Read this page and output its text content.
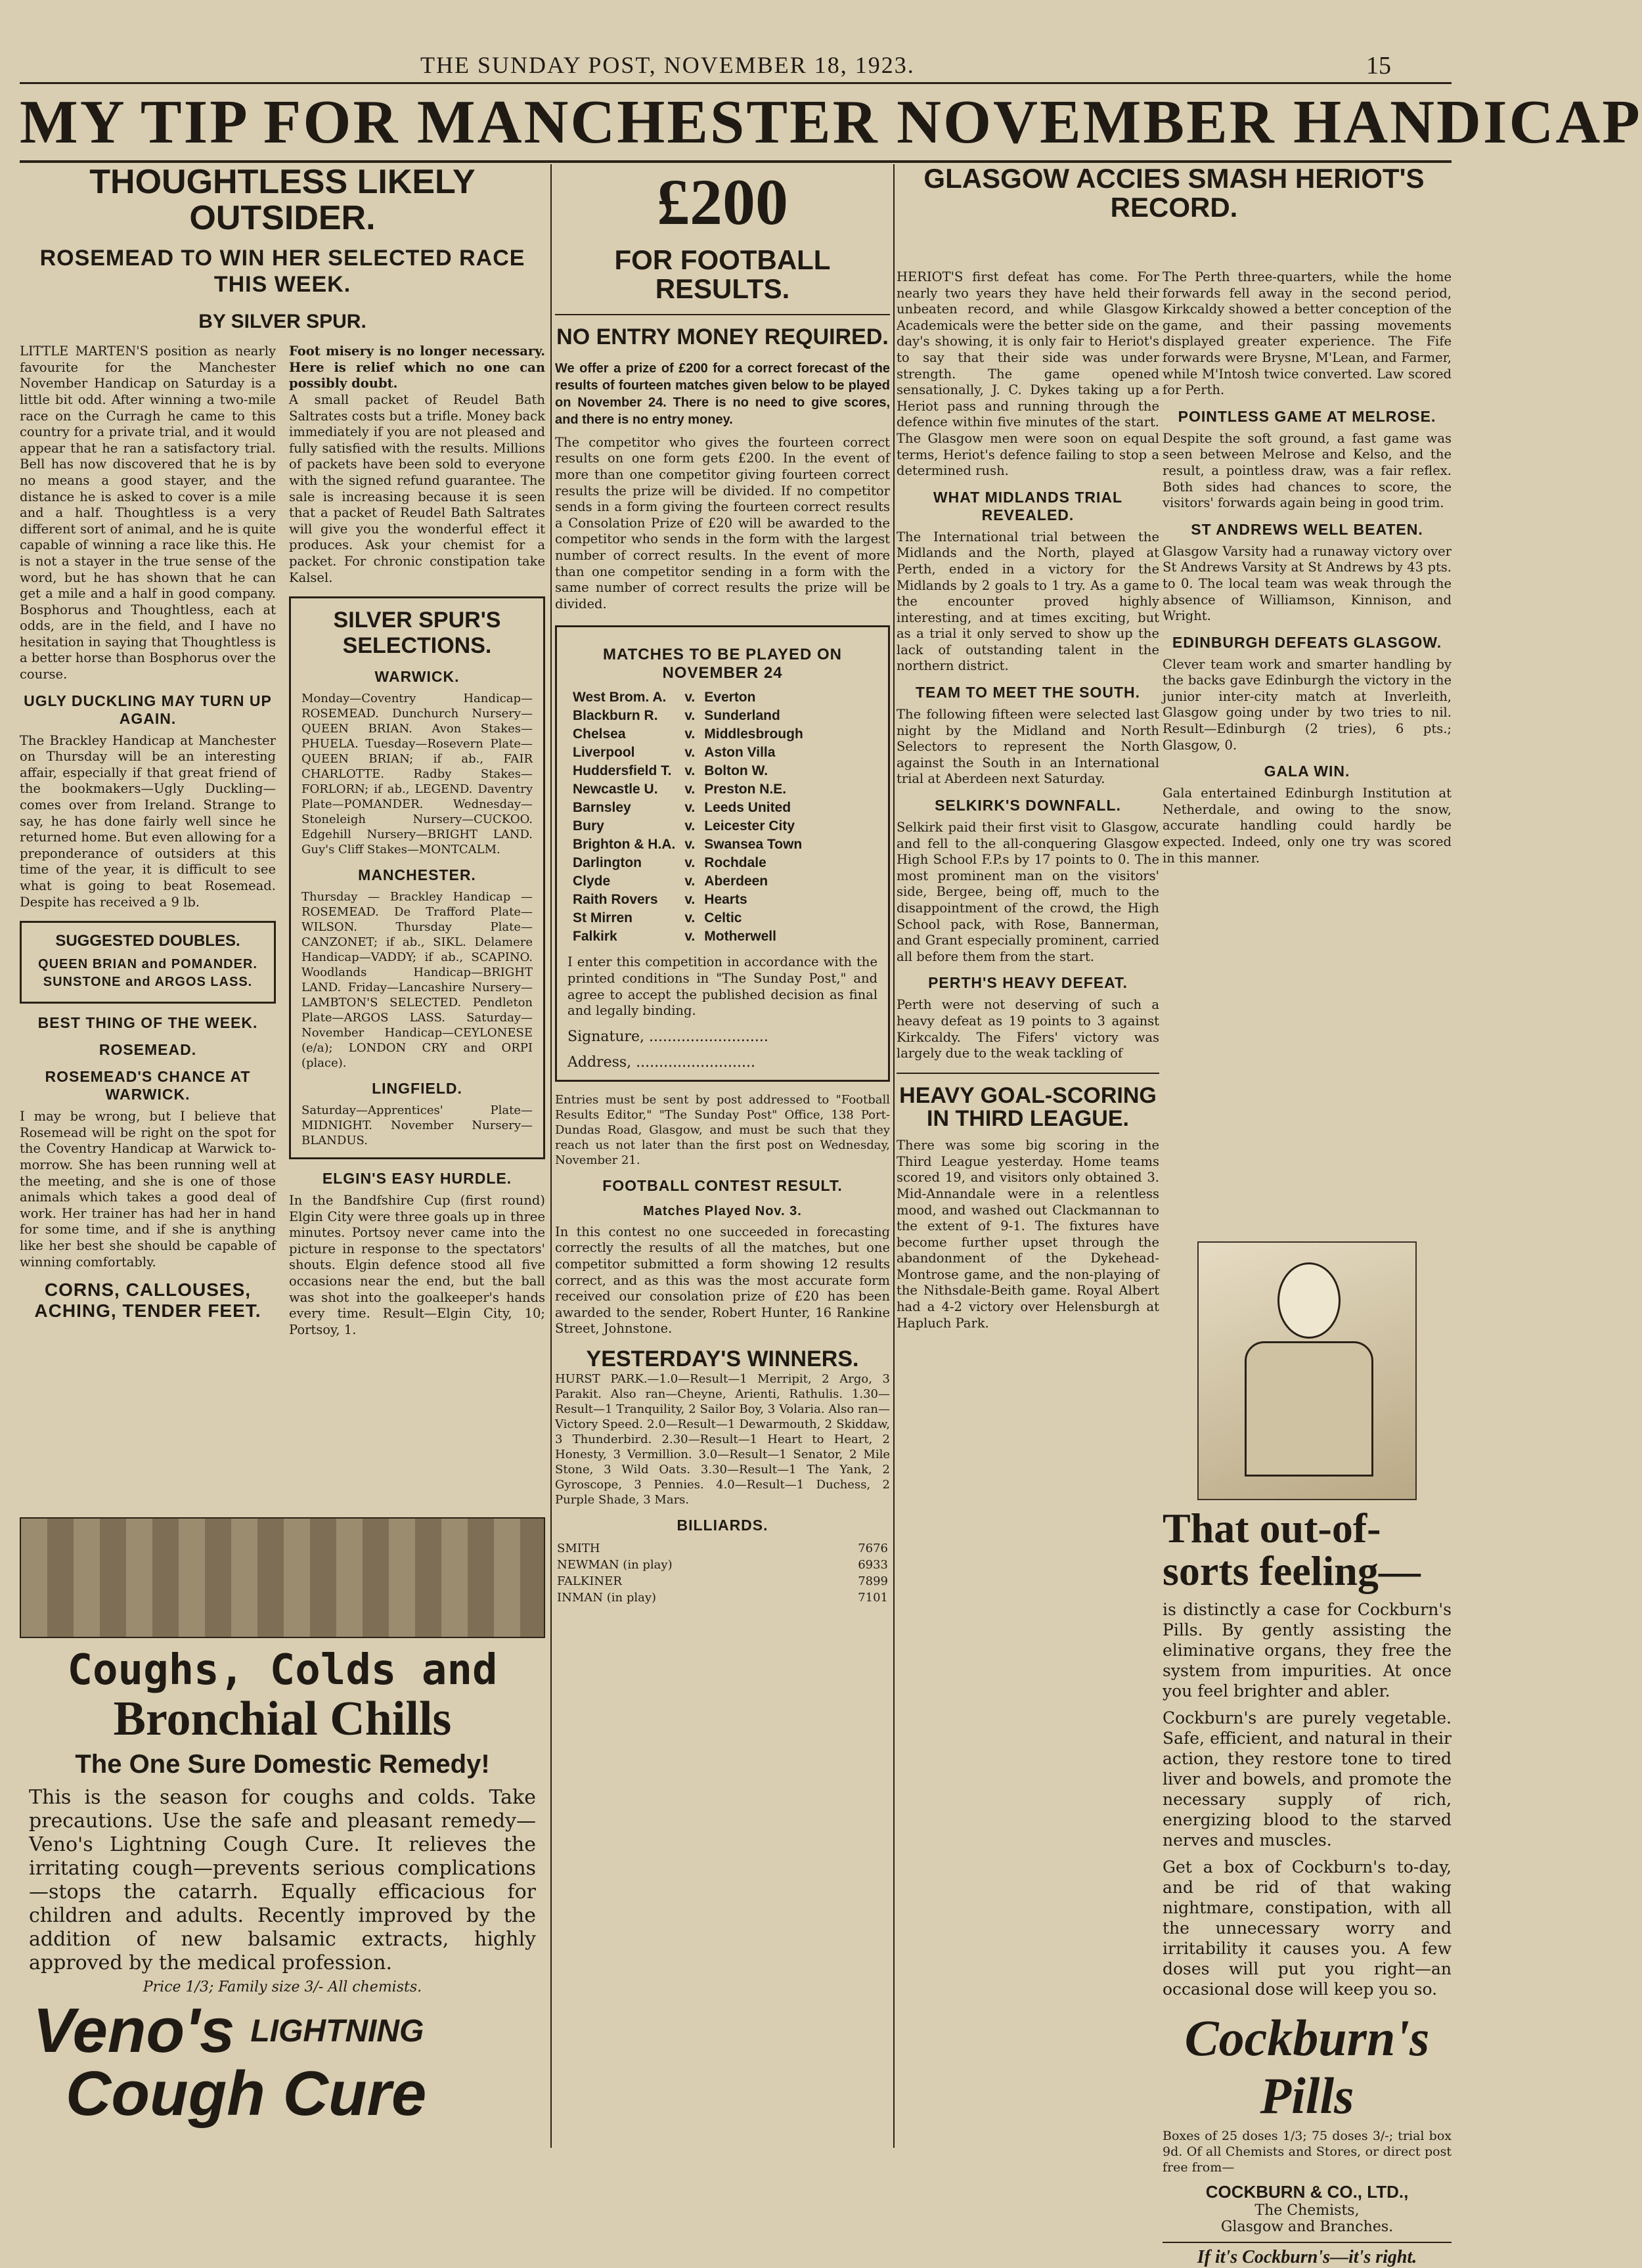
THE SUNDAY POST, NOVEMBER 18, 1923.	15
MY TIP FOR MANCHESTER NOVEMBER HANDICAP
THOUGHTLESS LIKELY OUTSIDER.
ROSEMEAD TO WIN HER SELECTED RACE THIS WEEK.
BY SILVER SPUR.

LITTLE MARTEN'S position as nearly favourite for the Manchester November Handicap on Saturday is a little bit odd. After winning a two-mile race on the Curragh he came to this country for a private trial, and it would appear that he ran a satisfactory trial. Bell has now discovered that he is by no means a good stayer, and the distance he is asked to cover is a mile and a half. Thoughtless is a very different sort of animal, and he is quite capable of winning a race like this. He is not a stayer in the true sense of the word, but he has shown that he can get a mile and a half in good company. Bosphorus and Thoughtless, each at odds, are in the field, and I have no hesitation in saying that Thoughtless is a better horse than Bosphorus over the course.

UGLY DUCKLING MAY TURN UP AGAIN.

The Brackley Handicap at Manchester on Thursday will be an interesting affair, especially if that great friend of the bookmakers—Ugly Duckling—comes over from Ireland. Strange to say, he has done fairly well since he returned home. But even allowing for a preponderance of outsiders at this time of the year, it is difficult to see what is going to beat Rosemead. Despite has received a 9 lb.

SUGGESTED DOUBLES.
QUEEN BRIAN and POMANDER.
SUNSTONE and ARGOS LASS.
BEST THING OF THE WEEK.
ROSEMEAD.
ROSEMEAD'S CHANCE AT WARWICK.

I may be wrong, but I believe that Rosemead will be right on the spot for the Coventry Handicap at Warwick to-morrow. She has been running well at the meeting, and she is one of those animals which takes a good deal of work. Her trainer has had her in hand for some time, and if she is anything like her best she should be capable of winning comfortably.

CORNS, CALLOUSES, ACHING, TENDER FEET.

Foot misery is no longer necessary. Here is relief which no one can possibly doubt.

A small packet of Reudel Bath Saltrates costs but a trifle. Money back immediately if you are not pleased and fully satisfied with the results. Millions of packets have been sold to everyone with the signed refund guarantee. The sale is increasing because it is seen that a packet of Reudel Bath Saltrates will give you the wonderful effect it produces. Ask your chemist for a packet. For chronic constipation take Kalsel.

SILVER SPUR'S SELECTIONS.
WARWICK.

Monday—Coventry Handicap—ROSEMEAD. Dunchurch Nursery—QUEEN BRIAN. Avon Stakes—PHUELA. Tuesday—Rosevern Plate—QUEEN BRIAN; if ab., FAIR CHARLOTTE. Radby Stakes—FORLORN; if ab., LEGEND. Daventry Plate—POMANDER. Wednesday—Stoneleigh Nursery—CUCKOO. Edgehill Nursery—BRIGHT LAND. Guy's Cliff Stakes—MONTCALM.

MANCHESTER.

Thursday — Brackley Handicap — ROSEMEAD. De Trafford Plate—WILSON. Thursday Plate—CANZONET; if ab., SIKL. Delamere Handicap—VADDY; if ab., SCAPINO. Woodlands Handicap—BRIGHT LAND. Friday—Lancashire Nursery—LAMBTON'S SELECTED. Pendleton Plate—ARGOS LASS. Saturday—November Handicap—CEYLONESE (e/a); LONDON CRY and ORPI (place).

LINGFIELD.

Saturday—Apprentices' Plate—MIDNIGHT. November Nursery—BLANDUS.

ELGIN'S EASY HURDLE.

In the Bandfshire Cup (first round) Elgin City were three goals up in three minutes. Portsoy never came into the picture in response to the spectators' shouts. Elgin defence stood all five occasions near the end, but the ball was shot into the goalkeeper's hands every time. Result—Elgin City, 10; Portsoy, 1.

Coughs, Colds and
Bronchial Chills
The One Sure Domestic Remedy!
This is the season for coughs and colds. Take precautions. Use the safe and pleasant remedy—Veno's Lightning Cough Cure. It relieves the irritating cough—prevents serious complications—stops the catarrh. Equally efficacious for children and adults. Recently improved by the addition of new balsamic extracts, highly approved by the medical profession.
Price 1/3; Family size 3/- All chemists.
Veno's LIGHTNING
Cough Cure
£200
FOR FOOTBALL RESULTS.
NO ENTRY MONEY REQUIRED.

We offer a prize of £200 for a correct forecast of the results of fourteen matches given below to be played on November 24. There is no need to give scores, and there is no entry money.

The competitor who gives the fourteen correct results on one form gets £200. In the event of more than one competitor giving fourteen correct results the prize will be divided. If no competitor sends in a form giving the fourteen correct results a Consolation Prize of £20 will be awarded to the competitor who sends in the form with the largest number of correct results. In the event of more than one competitor sending in a form with the same number of correct results the prize will be divided.

MATCHES TO BE PLAYED ON NOVEMBER 24
West Brom. A.	v.	Everton
Blackburn R.	v.	Sunderland
Chelsea	v.	Middlesbrough
Liverpool	v.	Aston Villa
Huddersfield T.	v.	Bolton W.
Newcastle U.	v.	Preston N.E.
Barnsley	v.	Leeds United
Bury	v.	Leicester City
Brighton & H.A.	v.	Swansea Town
Darlington	v.	Rochdale
Clyde	v.	Aberdeen
Raith Rovers	v.	Hearts
St Mirren	v.	Celtic
Falkirk	v.	Motherwell

I enter this competition in accordance with the printed conditions in "The Sunday Post," and agree to accept the published decision as final and legally binding.

Signature, ..........................
Address, ..........................

Entries must be sent by post addressed to "Football Results Editor," "The Sunday Post" Office, 138 Port-Dundas Road, Glasgow, and must be such that they reach us not later than the first post on Wednesday, November 21.

FOOTBALL CONTEST RESULT.
Matches Played Nov. 3.

In this contest no one succeeded in forecasting correctly the results of all the matches, but one competitor submitted a form showing 12 results correct, and as this was the most accurate form received our consolation prize of £20 has been awarded to the sender, Robert Hunter, 16 Rankine Street, Johnstone.

YESTERDAY'S WINNERS.

HURST PARK.—1.0—Result—1 Merripit, 2 Argo, 3 Parakit. Also ran—Cheyne, Arienti, Rathulis. 1.30—Result—1 Tranquility, 2 Sailor Boy, 3 Volaria. Also ran—Victory Speed. 2.0—Result—1 Dewarmouth, 2 Skiddaw, 3 Thunderbird. 2.30—Result—1 Heart to Heart, 2 Honesty, 3 Vermillion. 3.0—Result—1 Senator, 2 Mile Stone, 3 Wild Oats. 3.30—Result—1 The Yank, 2 Gyroscope, 3 Pennies. 4.0—Result—1 Duchess, 2 Purple Shade, 3 Mars.

BILLIARDS.
SMITH	7676
NEWMAN (in play)	6933
FALKINER	7899
INMAN (in play)	7101
GLASGOW ACCIES SMASH HERIOT'S RECORD.

HERIOT'S first defeat has come. For nearly two years they have held their unbeaten record, and while Glasgow Academicals were the better side on the day's showing, it is only fair to Heriot's to say that their side was under strength. The game opened sensationally, J. C. Dykes taking up a Heriot pass and running through the defence within five minutes of the start. The Glasgow men were soon on equal terms, Heriot's defence failing to stop a determined rush.

WHAT MIDLANDS TRIAL REVEALED.

The International trial between the Midlands and the North, played at Perth, ended in a victory for the Midlands by 2 goals to 1 try. As a game the encounter proved highly interesting, and at times exciting, but as a trial it only served to show up the lack of outstanding talent in the northern district.

TEAM TO MEET THE SOUTH.

The following fifteen were selected last night by the Midland and North Selectors to represent the North against the South in an International trial at Aberdeen next Saturday.

SELKIRK'S DOWNFALL.

Selkirk paid their first visit to Glasgow, and fell to the all-conquering Glasgow High School F.P.s by 17 points to 0. The most prominent man on the visitors' side, Bergee, being off, much to the disappointment of the crowd, the High School pack, with Rose, Bannerman, and Grant especially prominent, carried all before them from the start.

PERTH'S HEAVY DEFEAT.

Perth were not deserving of such a heavy defeat as 19 points to 3 against Kirkcaldy. The Fifers' victory was largely due to the weak tackling of

HEAVY GOAL-SCORING IN THIRD LEAGUE.

There was some big scoring in the Third League yesterday. Home teams scored 19, and visitors only obtained 3. Mid-Annandale were in a relentless mood, and washed out Clackmannan to the extent of 9-1. The fixtures have become further upset through the abandonment of the Dykehead-Montrose game, and the non-playing of the Nithsdale-Beith game. Royal Albert had a 4-2 victory over Helensburgh at Hapluch Park.

The Perth three-quarters, while the home forwards fell away in the second period, Kirkcaldy showed a better conception of the game, and their passing movements displayed greater experience. The Fife forwards were Brysne, M'Lean, and Farmer, while M'Intosh twice converted. Law scored for Perth.

POINTLESS GAME AT MELROSE.

Despite the soft ground, a fast game was seen between Melrose and Kelso, and the result, a pointless draw, was a fair reflex. Both sides had chances to score, the visitors' forwards again being in good trim.

ST ANDREWS WELL BEATEN.

Glasgow Varsity had a runaway victory over St Andrews Varsity at St Andrews by 43 pts. to 0. The local team was weak through the absence of Williamson, Kinnison, and Wright.

EDINBURGH DEFEATS GLASGOW.

Clever team work and smarter handling by the backs gave Edinburgh the victory in the junior inter-city match at Inverleith, Glasgow going under by two tries to nil. Result—Edinburgh (2 tries), 6 pts.; Glasgow, 0.

GALA WIN.

Gala entertained Edinburgh Institution at Netherdale, and owing to the snow, accurate handling could hardly be expected. Indeed, only one try was scored in this manner.

That out-of-sorts feeling—

is distinctly a case for Cockburn's Pills. By gently assisting the eliminative organs, they free the system from impurities. At once you feel brighter and abler.

Cockburn's are purely vegetable. Safe, efficient, and natural in their action, they restore tone to tired liver and bowels, and promote the necessary supply of rich, energizing blood to the starved nerves and muscles.

Get a box of Cockburn's to-day, and be rid of that waking nightmare, constipation, with all the unnecessary worry and irritability it causes you. A few doses will put you right—an occasional dose will keep you so.

Cockburn's
Pills

Boxes of 25 doses 1/3; 75 doses 3/-; trial box 9d. Of all Chemists and Stores, or direct post free from—

COCKBURN & CO., LTD.,
The Chemists,
Glasgow and Branches.
If it's Cockburn's—it's right.
